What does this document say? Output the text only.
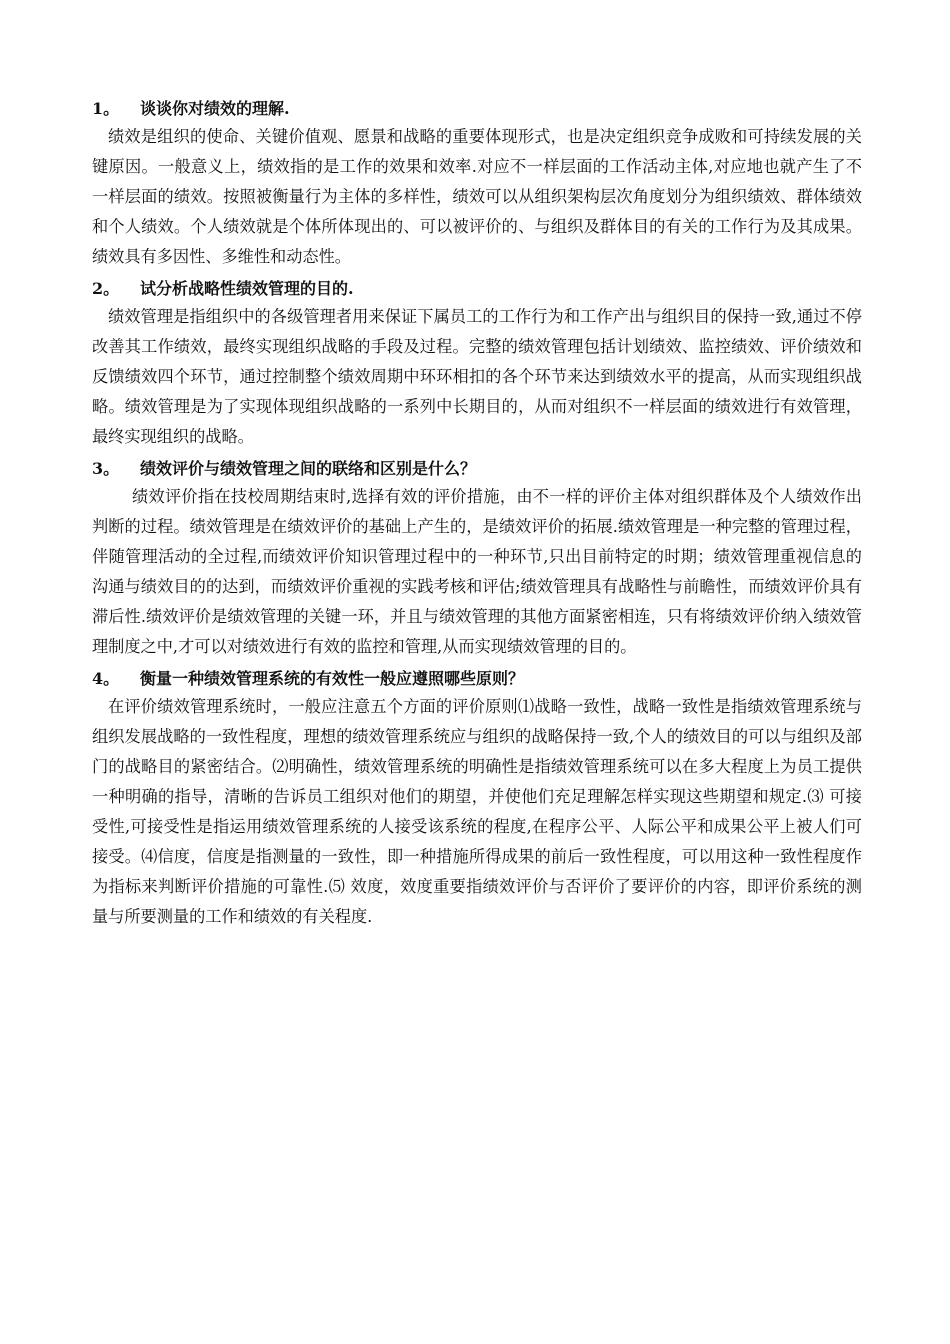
1。 谈谈你对绩效的理解.

绩效是组织的使命、关键价值观、愿景和战略的重要体现形式，也是决定组织竞争成败和可持续发展的关键原因。一般意义上，绩效指的是工作的效果和效率.对应不一样层面的工作活动主体,对应地也就产生了不一样层面的绩效。按照被衡量行为主体的多样性，绩效可以从组织架构层次角度划分为组织绩效、群体绩效和个人绩效。个人绩效就是个体所体现出的、可以被评价的、与组织及群体目的有关的工作行为及其成果。绩效具有多因性、多维性和动态性。

2。 试分析战略性绩效管理的目的.

绩效管理是指组织中的各级管理者用来保证下属员工的工作行为和工作产出与组织目的保持一致,通过不停改善其工作绩效，最终实现组织战略的手段及过程。完整的绩效管理包括计划绩效、监控绩效、评价绩效和反馈绩效四个环节，通过控制整个绩效周期中环环相扣的各个环节来达到绩效水平的提高，从而实现组织战略。绩效管理是为了实现体现组织战略的一系列中长期目的，从而对组织不一样层面的绩效进行有效管理，最终实现组织的战略。

3。 绩效评价与绩效管理之间的联络和区别是什么？

绩效评价指在技校周期结束时,选择有效的评价措施，由不一样的评价主体对组织群体及个人绩效作出判断的过程。绩效管理是在绩效评价的基础上产生的，是绩效评价的拓展.绩效管理是一种完整的管理过程，伴随管理活动的全过程,而绩效评价知识管理过程中的一种环节,只出目前特定的时期；绩效管理重视信息的沟通与绩效目的的达到，而绩效评价重视的实践考核和评估;绩效管理具有战略性与前瞻性，而绩效评价具有滞后性.绩效评价是绩效管理的关键一环，并且与绩效管理的其他方面紧密相连，只有将绩效评价纳入绩效管理制度之中,才可以对绩效进行有效的监控和管理,从而实现绩效管理的目的。

4。 衡量一种绩效管理系统的有效性一般应遵照哪些原则？

在评价绩效管理系统时，一般应注意五个方面的评价原则⑴战略一致性，战略一致性是指绩效管理系统与组织发展战略的一致性程度，理想的绩效管理系统应与组织的战略保持一致,个人的绩效目的可以与组织及部门的战略目的紧密结合。⑵明确性，绩效管理系统的明确性是指绩效管理系统可以在多大程度上为员工提供一种明确的指导，清晰的告诉员工组织对他们的期望，并使他们充足理解怎样实现这些期望和规定.⑶ 可接受性,可接受性是指运用绩效管理系统的人接受该系统的程度,在程序公平、人际公平和成果公平上被人们可接受。⑷信度，信度是指测量的一致性，即一种措施所得成果的前后一致性程度，可以用这种一致性程度作为指标来判断评价措施的可靠性.⑸ 效度，效度重要指绩效评价与否评价了要评价的内容，即评价系统的测量与所要测量的工作和绩效的有关程度.
